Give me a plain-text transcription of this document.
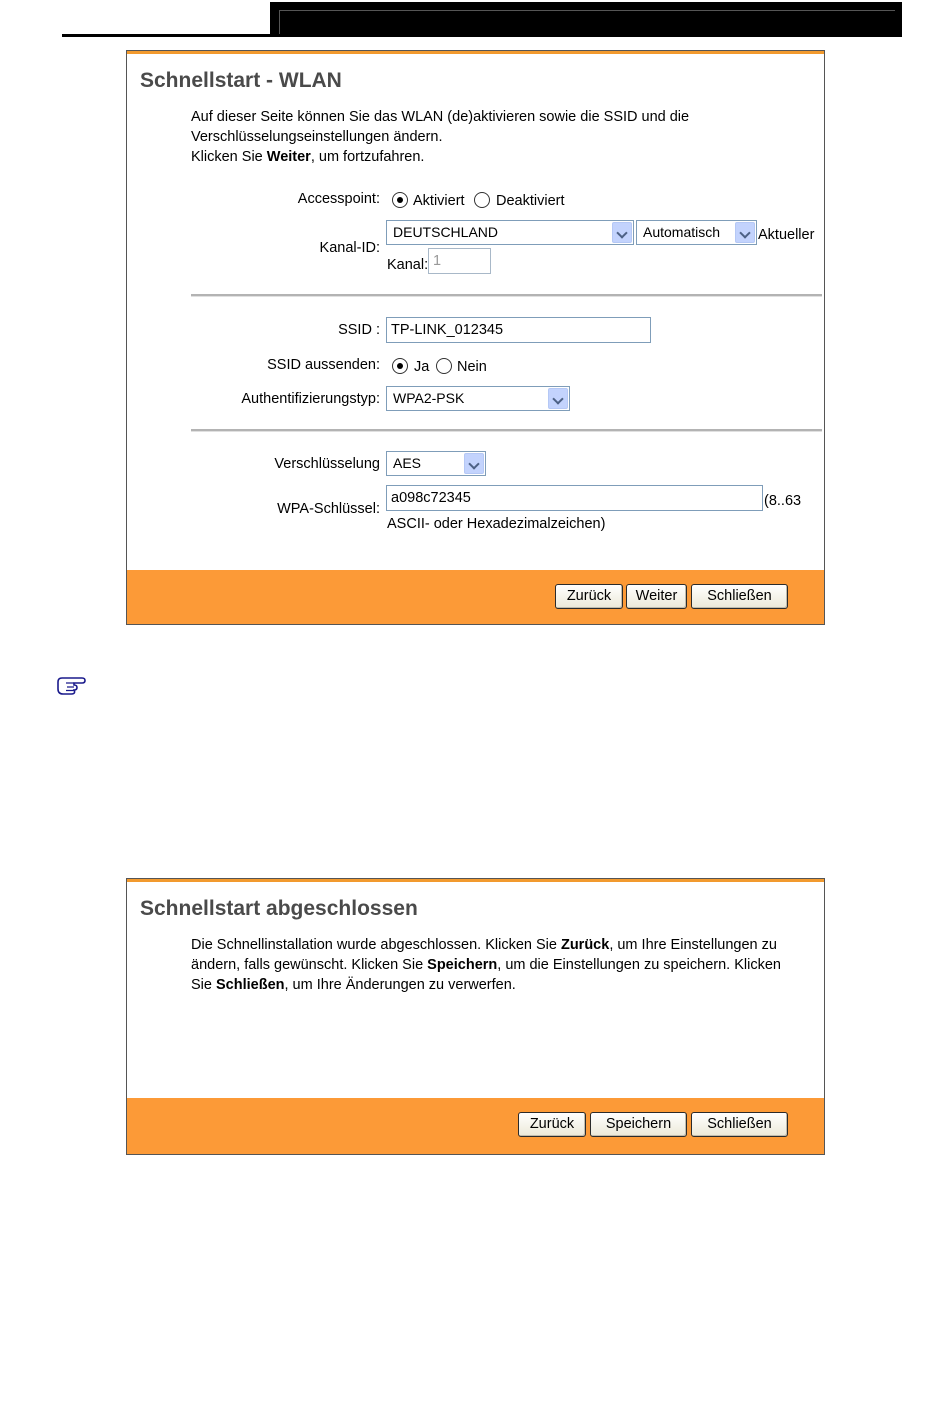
Schnellstart - WLAN
Auf dieser Seite können Sie das WLAN (de)aktivieren sowie die SSID und die
Verschlüsselungseinstellungen ändern.
Klicken Sie Weiter, um fortzufahren.
Accesspoint: Aktiviert Deaktiviert
Kanal-ID:
DEUTSCHLAND	Automatisch	Aktueller
Kanal: 1
SSID : TP-LINK_012345
SSID aussenden: Ja Nein
Authentifizierungstyp: WPA2-PSK
Verschlüsselung AES
WPA-Schlüssel:
a098c72345	(8..63
ASCII- oder Hexadezimalzeichen)
Zurück	Weiter	Schließen
Schnellstart abgeschlossen
Die Schnellinstallation wurde abgeschlossen. Klicken Sie Zurück, um Ihre Einstellungen zu
ändern, falls gewünscht. Klicken Sie Speichern, um die Einstellungen zu speichern. Klicken
Sie Schließen, um Ihre Änderungen zu verwerfen.
Zurück	Speichern	Schließen
